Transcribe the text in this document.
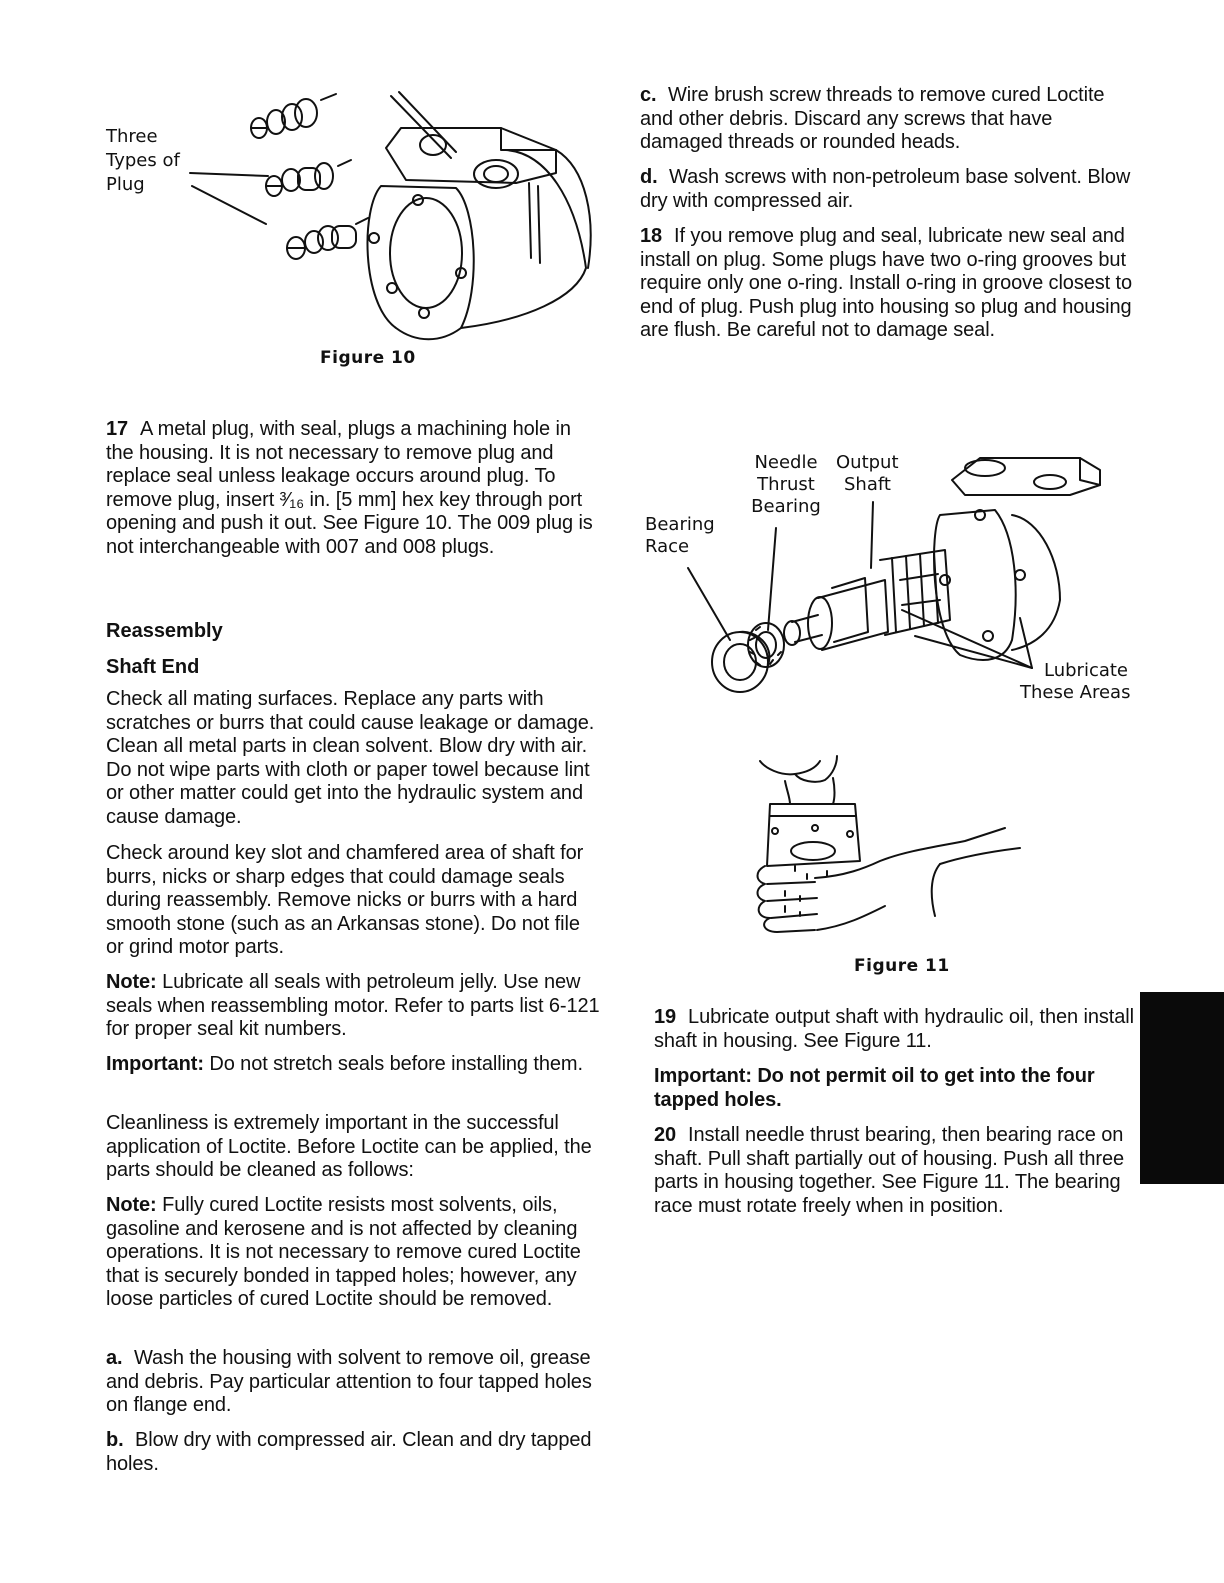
Three
Types of
Plug
Figure 10

17 A metal plug, with seal, plugs a machining hole in the housing. It is not necessary to remove plug and replace seal unless leakage occurs around plug. To remove plug, insert ³⁄₁₆ in. [5 mm] hex key through port opening and push it out. See Figure 10. The 009 plug is not interchangeable with 007 and 008 plugs.

Reassembly
Shaft End

Check all mating surfaces. Replace any parts with scratches or burrs that could cause leakage or damage. Clean all metal parts in clean solvent. Blow dry with air. Do not wipe parts with cloth or paper towel because lint or other matter could get into the hydraulic system and cause damage.

Check around key slot and chamfered area of shaft for burrs, nicks or sharp edges that could damage seals during reassembly. Remove nicks or burrs with a hard smooth stone (such as an Arkansas stone). Do not file or grind motor parts.

Note: Lubricate all seals with petroleum jelly. Use new seals when reassembling motor. Refer to parts list 6-121 for proper seal kit numbers.

Important: Do not stretch seals before installing them.

Cleanliness is extremely important in the successful application of Loctite. Before Loctite can be applied, the parts should be cleaned as follows:

Note: Fully cured Loctite resists most solvents, oils, gasoline and kerosene and is not affected by cleaning operations. It is not necessary to remove cured Loctite that is securely bonded in tapped holes; however, any loose particles of cured Loctite should be removed.

a. Wash the housing with solvent to remove oil, grease and debris. Pay particular attention to four tapped holes on flange end.

b. Blow dry with compressed air. Clean and dry tapped holes.

c. Wire brush screw threads to remove cured Loctite and other debris. Discard any screws that have damaged threads or rounded heads.

d. Wash screws with non-petroleum base solvent. Blow dry with compressed air.

18 If you remove plug and seal, lubricate new seal and install on plug. Some plugs have two o-ring grooves but require only one o-ring. Install o-ring in groove closest to end of plug. Push plug into housing so plug and housing are flush. Be careful not to damage seal.

Needle
Thrust
Bearing
Output
Shaft
Bearing
Race
Lubricate
These Areas
Figure 11

19 Lubricate output shaft with hydraulic oil, then install shaft in housing. See Figure 11.

Important: Do not permit oil to get into the four tapped holes.

20 Install needle thrust bearing, then bearing race on shaft. Pull shaft partially out of housing. Push all three parts in housing together. See Figure 11. The bearing race must rotate freely when in position.
